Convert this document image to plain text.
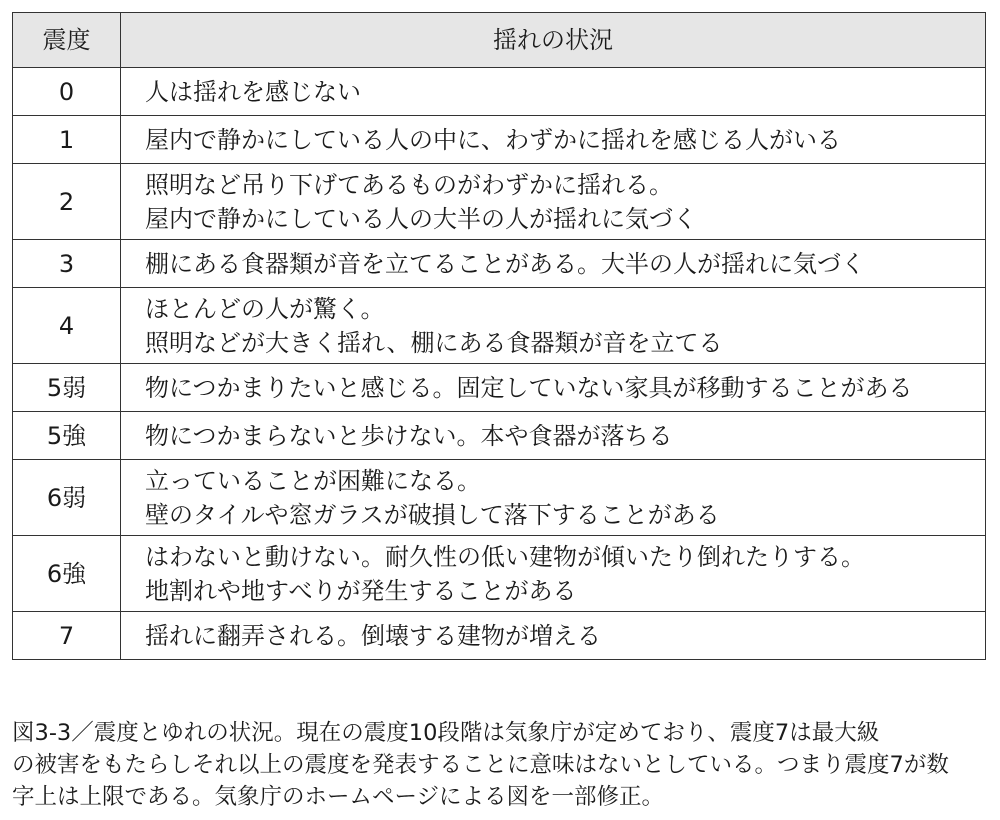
震度	揺れの状況
0	人は揺れを感じない

1	屋内で静かにしている人の中に、わずかに揺れを感じる人がいる

2	照明など吊り下げてあるものがわずかに揺れる。
屋内で静かにしている人の大半の人が揺れに気づく

3	棚にある食器類が音を立てることがある。大半の人が揺れに気づく

4	ほとんどの人が驚く。
照明などが大きく揺れ、棚にある食器類が音を立てる

5弱	物につかまりたいと感じる。固定していない家具が移動することがある

5強	物につかまらないと歩けない。本や食器が落ちる

6弱	立っていることが困難になる。
壁のタイルや窓ガラスが破損して落下することがある

6強	はわないと動けない。耐久性の低い建物が傾いたり倒れたりする。
地割れや地すべりが発生することがある

7	揺れに翻弄される。倒壊する建物が増える
図3-3／震度とゆれの状況。現在の震度10段階は気象庁が定めており、震度7は最大級
の被害をもたらしそれ以上の震度を発表することに意味はないとしている。つまり震度7が数
字上は上限である。気象庁のホームページによる図を一部修正。
